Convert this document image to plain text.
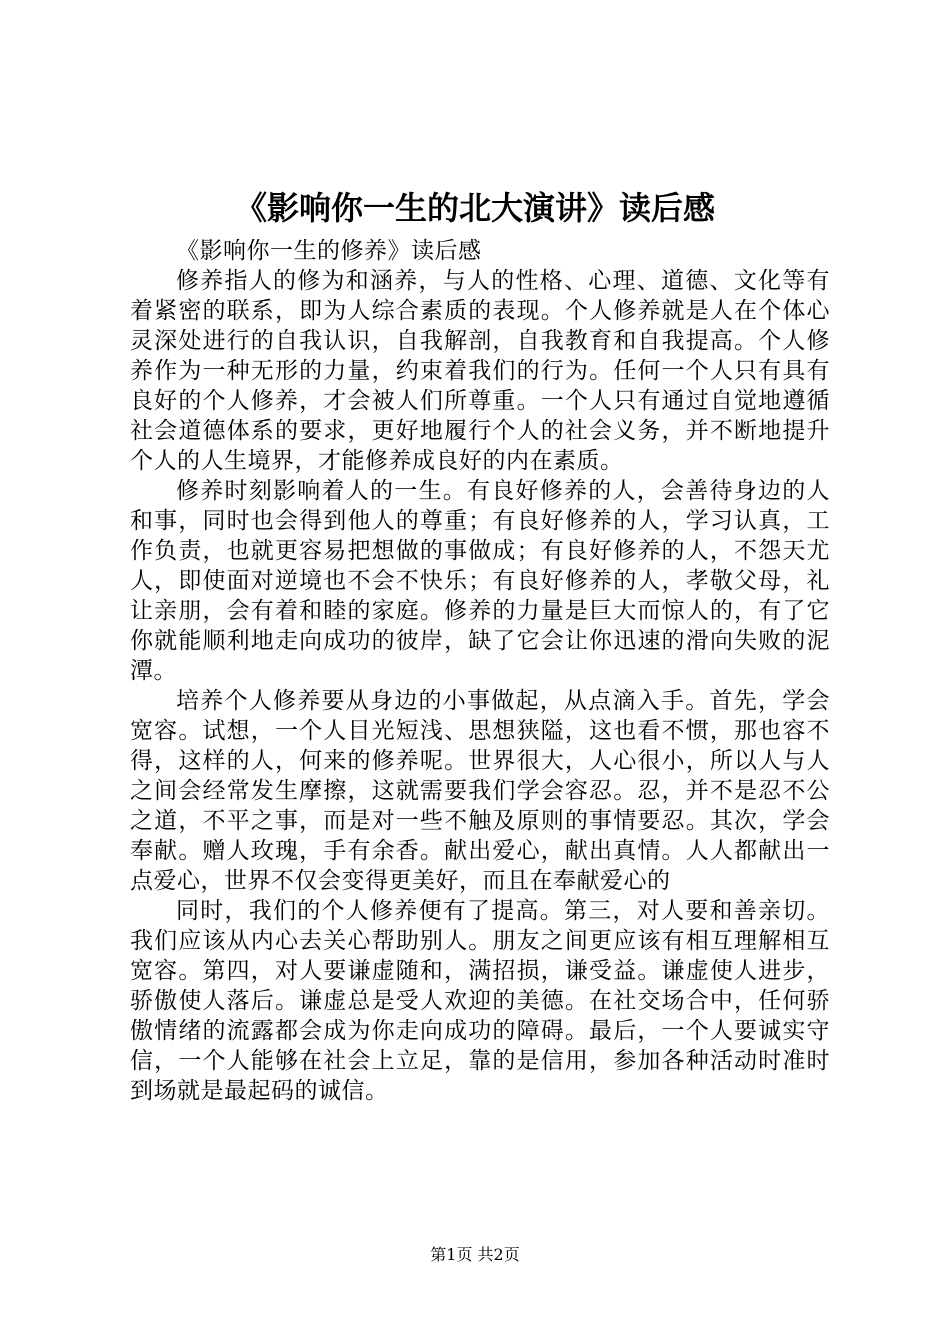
《影响你一生的北大演讲》读后感

《影响你一生的修养》读后感

修养指人的修为和涵养，与人的性格、心理、道德、文化等有着紧密的联系，即为人综合素质的表现。个人修养就是人在个体心灵深处进行的自我认识，自我解剖，自我教育和自我提高。个人修养作为一种无形的力量，约束着我们的行为。任何一个人只有具有良好的个人修养，才会被人们所尊重。一个人只有通过自觉地遵循社会道德体系的要求，更好地履行个人的社会义务，并不断地提升个人的人生境界，才能修养成良好的内在素质。

修养时刻影响着人的一生。有良好修养的人，会善待身边的人和事，同时也会得到他人的尊重；有良好修养的人，学习认真，工作负责，也就更容易把想做的事做成；有良好修养的人，不怨天尤人，即使面对逆境也不会不快乐；有良好修养的人，孝敬父母，礼让亲朋，会有着和睦的家庭。修养的力量是巨大而惊人的，有了它你就能顺利地走向成功的彼岸，缺了它会让你迅速的滑向失败的泥潭。

培养个人修养要从身边的小事做起，从点滴入手。首先，学会宽容。试想，一个人目光短浅、思想狭隘，这也看不惯，那也容不得，这样的人，何来的修养呢。世界很大，人心很小，所以人与人之间会经常发生摩擦，这就需要我们学会容忍。忍，并不是忍不公之道，不平之事，而是对一些不触及原则的事情要忍。其次，学会奉献。赠人玫瑰，手有余香。献出爱心，献出真情。人人都献出一点爱心，世界不仅会变得更美好，而且在奉献爱心的

同时，我们的个人修养便有了提高。第三，对人要和善亲切。我们应该从内心去关心帮助别人。朋友之间更应该有相互理解相互宽容。第四，对人要谦虚随和，满招损，谦受益。谦虚使人进步，骄傲使人落后。谦虚总是受人欢迎的美德。在社交场合中，任何骄傲情绪的流露都会成为你走向成功的障碍。最后，一个人要诚实守信，一个人能够在社会上立足，靠的是信用，参加各种活动时准时到场就是最起码的诚信。

第1页 共2页
